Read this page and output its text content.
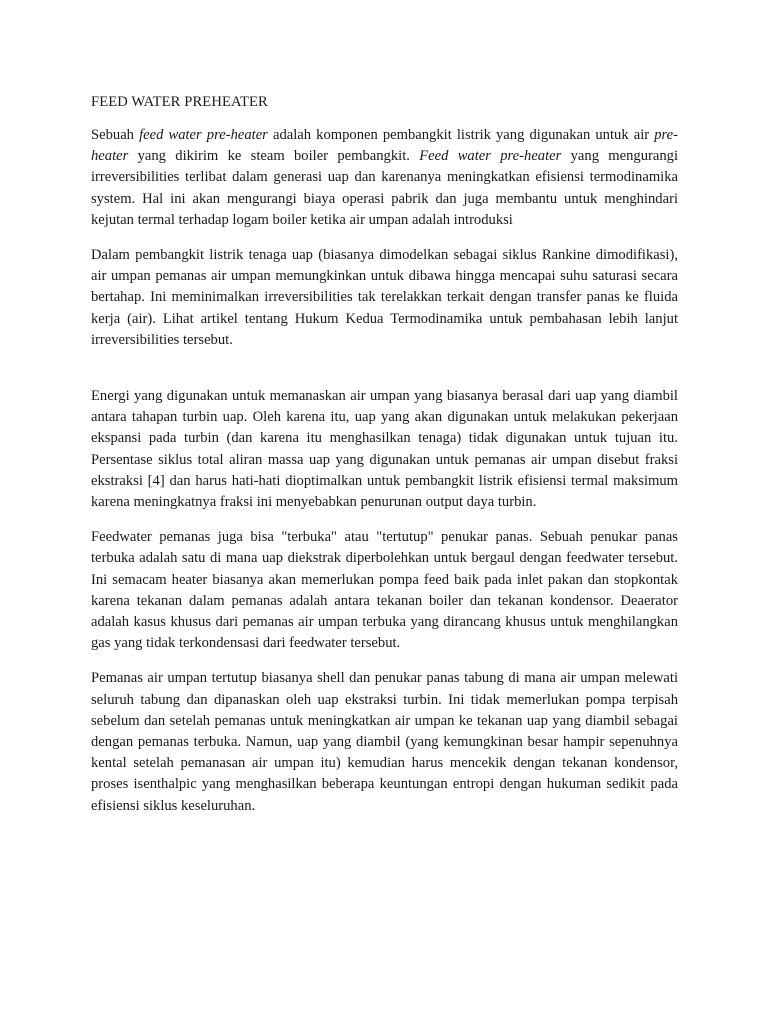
FEED WATER PREHEATER

Sebuah feed water pre-heater adalah komponen pembangkit listrik yang digunakan untuk air pre-heater yang dikirim ke steam boiler pembangkit. Feed water pre-heater yang mengurangi irreversibilities terlibat dalam generasi uap dan karenanya meningkatkan efisiensi termodinamika system. Hal ini akan mengurangi biaya operasi pabrik dan juga membantu untuk menghindari kejutan termal terhadap logam boiler ketika air umpan adalah introduksi

Dalam pembangkit listrik tenaga uap (biasanya dimodelkan sebagai siklus Rankine dimodifikasi), air umpan pemanas air umpan memungkinkan untuk dibawa hingga mencapai suhu saturasi secara bertahap. Ini meminimalkan irreversibilities tak terelakkan terkait dengan transfer panas ke fluida kerja (air). Lihat artikel tentang Hukum Kedua Termodinamika untuk pembahasan lebih lanjut irreversibilities tersebut.

Energi yang digunakan untuk memanaskan air umpan yang biasanya berasal dari uap yang diambil antara tahapan turbin uap. Oleh karena itu, uap yang akan digunakan untuk melakukan pekerjaan ekspansi pada turbin (dan karena itu menghasilkan tenaga) tidak digunakan untuk tujuan itu. Persentase siklus total aliran massa uap yang digunakan untuk pemanas air umpan disebut fraksi ekstraksi [4] dan harus hati-hati dioptimalkan untuk pembangkit listrik efisiensi termal maksimum karena meningkatnya fraksi ini menyebabkan penurunan output daya turbin.

Feedwater pemanas juga bisa "terbuka" atau "tertutup" penukar panas. Sebuah penukar panas terbuka adalah satu di mana uap diekstrak diperbolehkan untuk bergaul dengan feedwater tersebut. Ini semacam heater biasanya akan memerlukan pompa feed baik pada inlet pakan dan stopkontak karena tekanan dalam pemanas adalah antara tekanan boiler dan tekanan kondensor. Deaerator adalah kasus khusus dari pemanas air umpan terbuka yang dirancang khusus untuk menghilangkan gas yang tidak terkondensasi dari feedwater tersebut.

Pemanas air umpan tertutup biasanya shell dan penukar panas tabung di mana air umpan melewati seluruh tabung dan dipanaskan oleh uap ekstraksi turbin. Ini tidak memerlukan pompa terpisah sebelum dan setelah pemanas untuk meningkatkan air umpan ke tekanan uap yang diambil sebagai dengan pemanas terbuka. Namun, uap yang diambil (yang kemungkinan besar hampir sepenuhnya kental setelah pemanasan air umpan itu) kemudian harus mencekik dengan tekanan kondensor, proses isenthalpic yang menghasilkan beberapa keuntungan entropi dengan hukuman sedikit pada efisiensi siklus keseluruhan.
